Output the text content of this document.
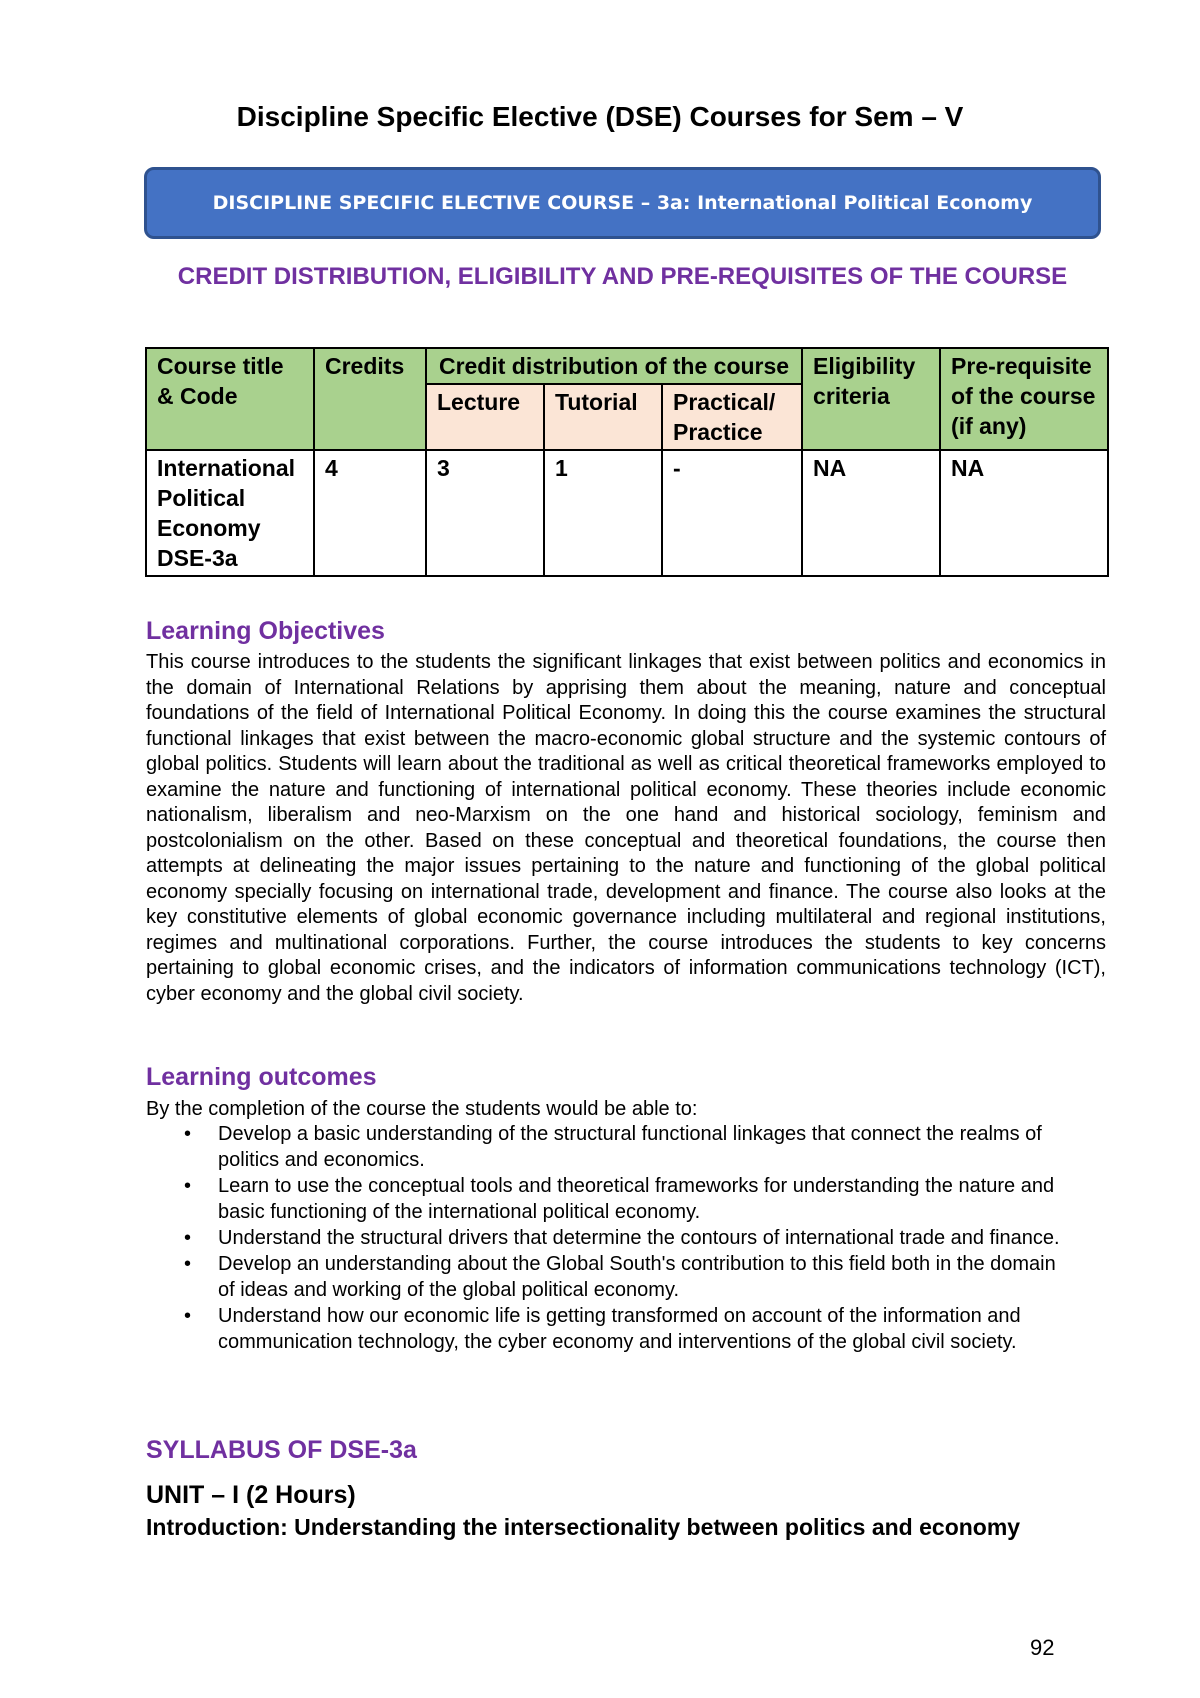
Discipline Specific Elective (DSE) Courses for Sem – V
DISCIPLINE SPECIFIC ELECTIVE COURSE – 3a: International Political Economy
CREDIT DISTRIBUTION, ELIGIBILITY AND PRE-REQUISITES OF THE COURSE
Course title & Code	Credits	Credit distribution of the course			Eligibility criteria	Pre-requisite of the course (if any)
		Lecture	Tutorial	Practical/ Practice		

International Political Economy
DSE-3a	4	3	1	-	NA	NA
Learning Objectives

This course introduces to the students the significant linkages that exist between politics and economics in the domain of International Relations by apprising them about the meaning, nature and conceptual foundations of the field of International Political Economy. In doing this the course examines the structural functional linkages that exist between the macro-economic global structure and the systemic contours of global politics. Students will learn about the traditional as well as critical theoretical frameworks employed to examine the nature and functioning of international political economy. These theories include economic nationalism, liberalism and neo-Marxism on the one hand and historical sociology, feminism and postcolonialism on the other. Based on these conceptual and theoretical foundations, the course then attempts at delineating the major issues pertaining to the nature and functioning of the global political economy specially focusing on international trade, development and finance. The course also looks at the key constitutive elements of global economic governance including multilateral and regional institutions, regimes and multinational corporations. Further, the course introduces the students to key concerns pertaining to global economic crises, and the indicators of information communications technology (ICT), cyber economy and the global civil society.

Learning outcomes
By the completion of the course the students would be able to:
• Develop a basic understanding of the structural functional linkages that connect the realms of politics and economics.
• Learn to use the conceptual tools and theoretical frameworks for understanding the nature and basic functioning of the international political economy.
• Understand the structural drivers that determine the contours of international trade and finance.
• Develop an understanding about the Global South's contribution to this field both in the domain of ideas and working of the global political economy.
• Understand how our economic life is getting transformed on account of the information and communication technology, the cyber economy and interventions of the global civil society.
SYLLABUS OF DSE-3a
UNIT – I (2 Hours)
Introduction: Understanding the intersectionality between politics and economy
92
